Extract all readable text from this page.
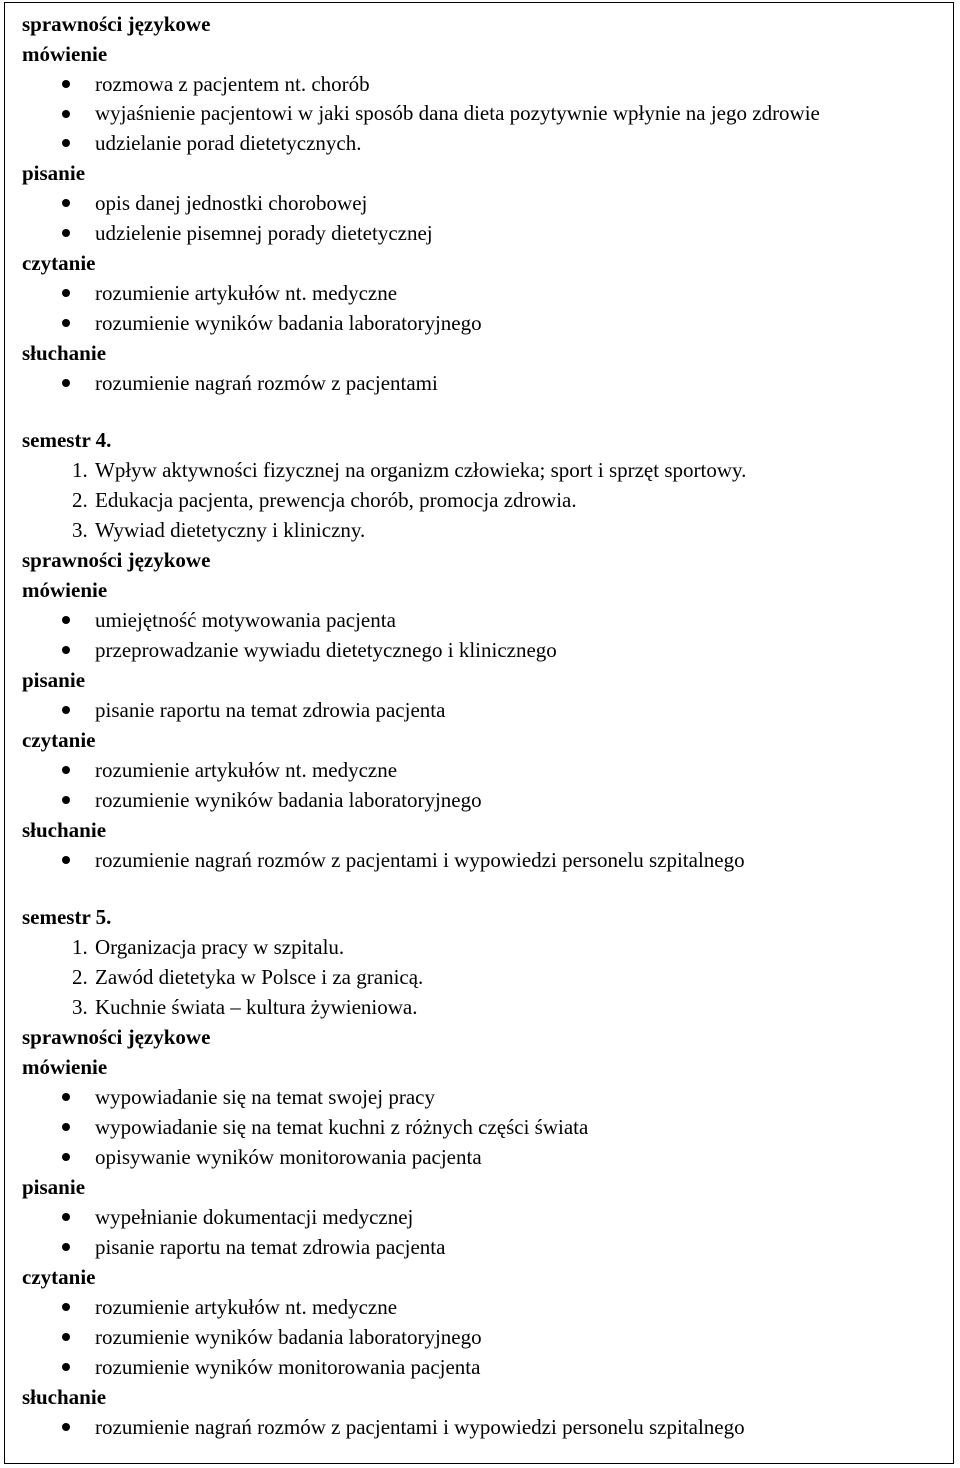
sprawności językowe
mówienie
rozmowa z pacjentem nt. chorób
wyjaśnienie pacjentowi w jaki sposób dana dieta pozytywnie wpłynie na jego zdrowie
udzielanie porad dietetycznych.
pisanie
opis danej jednostki chorobowej
udzielenie pisemnej porady dietetycznej
czytanie
rozumienie artykułów nt. medyczne
rozumienie wyników badania laboratoryjnego
słuchanie
rozumienie nagrań rozmów z pacjentami
semestr 4.
1. Wpływ aktywności fizycznej na organizm człowieka; sport i sprzęt sportowy.
2. Edukacja pacjenta, prewencja chorób, promocja zdrowia.
3. Wywiad dietetyczny i kliniczny.
sprawności językowe
mówienie
umiejętność motywowania pacjenta
przeprowadzanie wywiadu dietetycznego i klinicznego
pisanie
pisanie raportu na temat zdrowia pacjenta
czytanie
rozumienie artykułów nt. medyczne
rozumienie wyników badania laboratoryjnego
słuchanie
rozumienie nagrań rozmów z pacjentami i wypowiedzi personelu szpitalnego
semestr 5.
1. Organizacja pracy w szpitalu.
2. Zawód dietetyka w Polsce i za granicą.
3. Kuchnie świata – kultura żywieniowa.
sprawności językowe
mówienie
wypowiadanie się na temat swojej pracy
wypowiadanie się na temat kuchni z różnych części świata
opisywanie wyników monitorowania pacjenta
pisanie
wypełnianie dokumentacji medycznej
pisanie raportu na temat zdrowia pacjenta
czytanie
rozumienie artykułów nt. medyczne
rozumienie wyników badania laboratoryjnego
rozumienie wyników monitorowania pacjenta
słuchanie
rozumienie nagrań rozmów z pacjentami i wypowiedzi personelu szpitalnego
